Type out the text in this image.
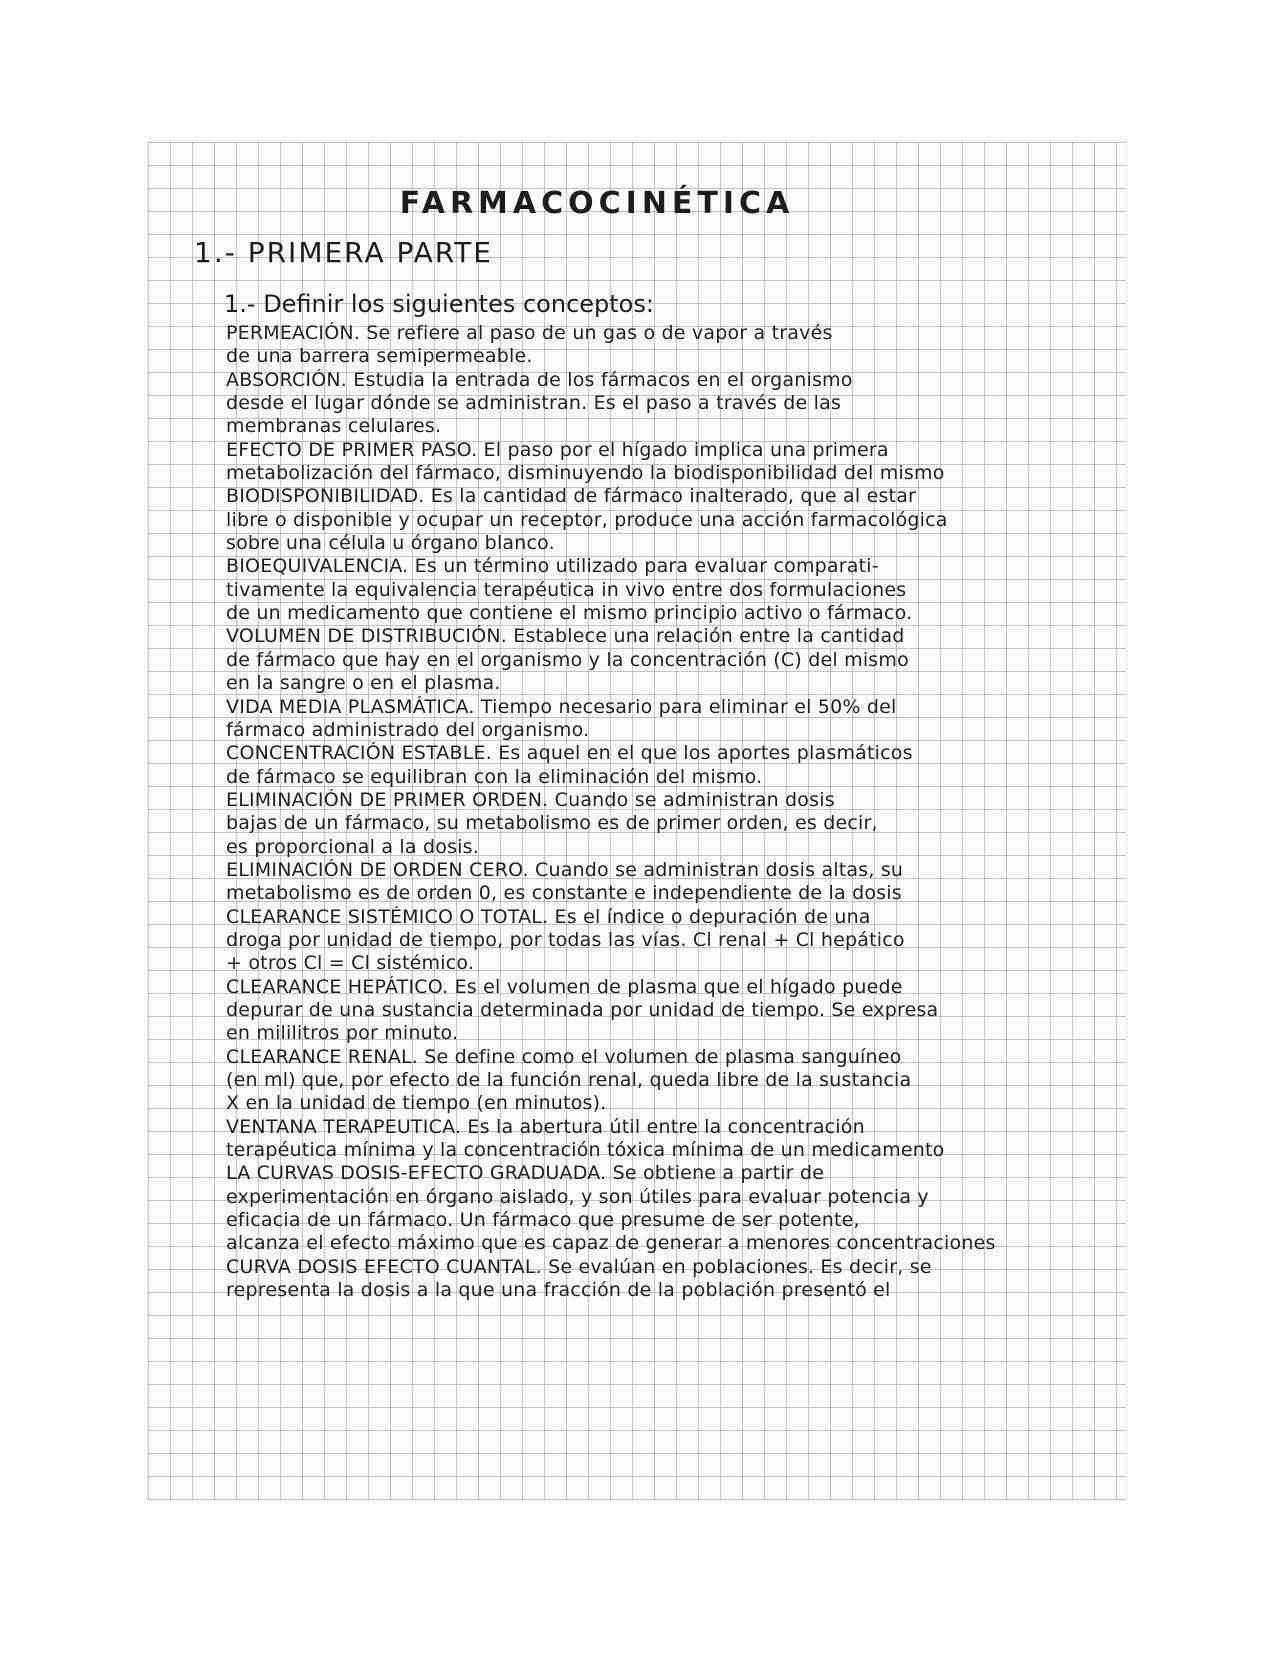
FARMACOCINÉTICA
1.- PRIMERA PARTE
1.- Definir los siguientes conceptos:
PERMEACIÓN. Se refiere al paso de un gas o de vapor a través
de una barrera semipermeable.
ABSORCIÓN. Estudia la entrada de los fármacos en el organismo
desde el lugar dónde se administran. Es el paso a través de las
membranas celulares.
EFECTO DE PRIMER PASO. El paso por el hígado implica una primera
metabolización del fármaco, disminuyendo la biodisponibilidad del mismo
BIODISPONIBILIDAD. Es la cantidad de fármaco inalterado, que al estar
libre o disponible y ocupar un receptor, produce una acción farmacológica
sobre una célula u órgano blanco.
BIOEQUIVALENCIA. Es un término utilizado para evaluar comparati-
tivamente la equivalencia terapéutica in vivo entre dos formulaciones
de un medicamento que contiene el mismo principio activo o fármaco.
VOLUMEN DE DISTRIBUCIÓN. Establece una relación entre la cantidad
de fármaco que hay en el organismo y la concentración (C) del mismo
en la sangre o en el plasma.
VIDA MEDIA PLASMÁTICA. Tiempo necesario para eliminar el 50% del
fármaco administrado del organismo.
CONCENTRACIÓN ESTABLE. Es aquel en el que los aportes plasmáticos
de fármaco se equilibran con la eliminación del mismo.
ELIMINACIÓN DE PRIMER ORDEN. Cuando se administran dosis
bajas de un fármaco, su metabolismo es de primer orden, es decir,
es proporcional a la dosis.
ELIMINACIÓN DE ORDEN CERO. Cuando se administran dosis altas, su
metabolismo es de orden 0, es constante e independiente de la dosis
CLEARANCE SISTÉMICO O TOTAL. Es el índice o depuración de una
droga por unidad de tiempo, por todas las vías. Cl renal + Cl hepático
+ otros Cl = Cl sistémico.
CLEARANCE HEPÁTICO. Es el volumen de plasma que el hígado puede
depurar de una sustancia determinada por unidad de tiempo. Se expresa
en mililitros por minuto.
CLEARANCE RENAL. Se define como el volumen de plasma sanguíneo
(en ml) que, por efecto de la función renal, queda libre de la sustancia
X en la unidad de tiempo (en minutos).
VENTANA TERAPEUTICA. Es la abertura útil entre la concentración
terapéutica mínima y la concentración tóxica mínima de un medicamento
LA CURVAS DOSIS-EFECTO GRADUADA. Se obtiene a partir de
experimentación en órgano aislado, y son útiles para evaluar potencia y
eficacia de un fármaco. Un fármaco que presume de ser potente,
alcanza el efecto máximo que es capaz de generar a menores concentraciones
CURVA DOSIS EFECTO CUANTAL. Se evalúan en poblaciones. Es decir, se
representa la dosis a la que una fracción de la población presentó el
